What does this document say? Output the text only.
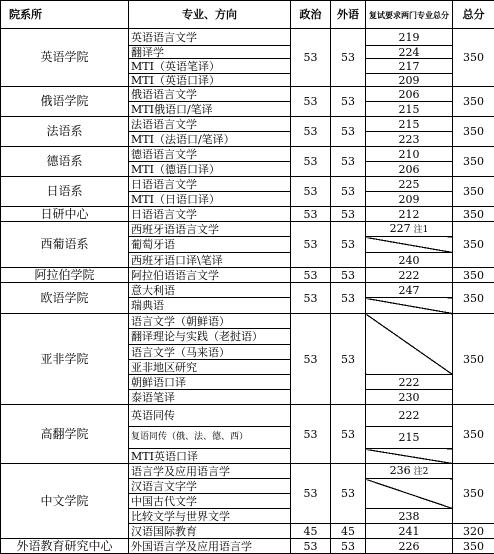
院系所	专业、方向	政治	外语	复试要求两门专业总分	总分
英语学院	英语语言文学	53	53	219	350
	翻译学			224	
	MTI（英语笔译）			217	
	MTI（英语口译）			209	
俄语学院	俄语语言文学	53	53	206	350
	MTI俄语口/笔译			215	
法语系	法语语言文学	53	53	215	350
	MTI（法语口/笔译）			223	
德语系	德语语言文学	53	53	210	350
	MTI（德语口译）			206	
日语系	日语语言文学	53	53	225	350
	MTI（日语口译）			209	
日研中心	日语语言文学	53	53	212	350
西葡语系	西班牙语语言文学	53	53	227 注1	350
	葡萄牙语				
	西班牙语口译\笔译			240	
阿拉伯学院	阿拉伯语语言文学	53	53	222	350
欧语学院	意大利语	53	53	247	350
	瑞典语				
亚非学院	语言文学（朝鲜语）	53	53		350
	翻译理论与实践（老挝语）				
	语言文学（马来语）				
	亚非地区研究				
	朝鲜语口译			222	
	泰语笔译			230	
高翻学院	英语同传	53	53	222	350
	复语同传（俄、法、德、西）			215	
	MTI英语口译				
中文学院	语言学及应用语言学	53	53	236 注2	350
	汉语言文字学				
	中国古代文学				
	比较文学与世界文学			238	
	汉语国际教育	45	45	241	320
外语教育研究中心	外国语言学及应用语言学	53	53	226	350
